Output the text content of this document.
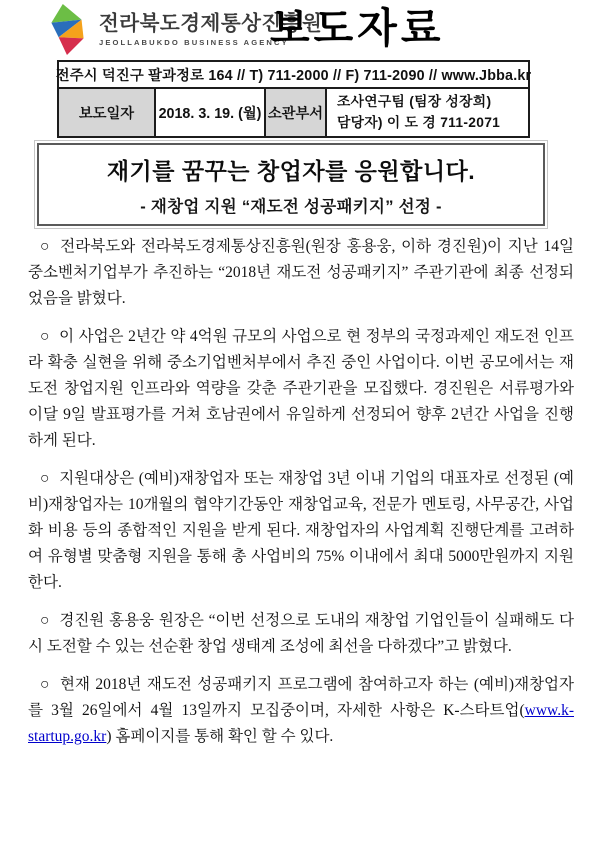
전라북도경제통상진흥원
JEOLLABUKDO BUSINESS AGENCY
보도자료
전주시 덕진구 팔과정로 164 // T) 711-2000 // F) 711-2090 // www.Jbba.kr
보도일자	2018. 3. 19. (월) 소관부서
조사연구팀 (팀장 성장희)
담당자) 이 도 경 711-2071
재기를 꿈꾸는 창업자를 응원합니다.
- 재창업 지원 “재도전 성공패키지” 선정 -

○ 전라북도와 전라북도경제통상진흥원(원장 홍용웅, 이하 경진원)이 지난 14일 중소벤처기업부가 추진하는 “2018년 재도전 성공패키지” 주관기관에 최종 선정되었음을 밝혔다.

○ 이 사업은 2년간 약 4억원 규모의 사업으로 현 정부의 국정과제인 재도전 인프라 확충 실현을 위해 중소기업벤처부에서 추진 중인 사업이다. 이번 공모에서는 재도전 창업지원 인프라와 역량을 갖춘 주관기관을 모집했다. 경진원은 서류평가와 이달 9일 발표평가를 거쳐 호남권에서 유일하게 선정되어 향후 2년간 사업을 진행하게 된다.

○ 지원대상은 (예비)재창업자 또는 재창업 3년 이내 기업의 대표자로 선정된 (예비)재창업자는 10개월의 협약기간동안 재창업교육, 전문가 멘토링, 사무공간, 사업화 비용 등의 종합적인 지원을 받게 된다. 재창업자의 사업계획 진행단계를 고려하여 유형별 맞춤형 지원을 통해 총 사업비의 75% 이내에서 최대 5000만원까지 지원한다.

○ 경진원 홍용웅 원장은 “이번 선정으로 도내의 재창업 기업인들이 실패해도 다시 도전할 수 있는 선순환 창업 생태계 조성에 최선을 다하겠다”고 밝혔다.

○ 현재 2018년 재도전 성공패키지 프로그램에 참여하고자 하는 (예비)재창업자를 3월 26일에서 4월 13일까지 모집중이며, 자세한 사항은 K-스타트업(www.k-startup.go.kr) 홈페이지를 통해 확인 할 수 있다.
